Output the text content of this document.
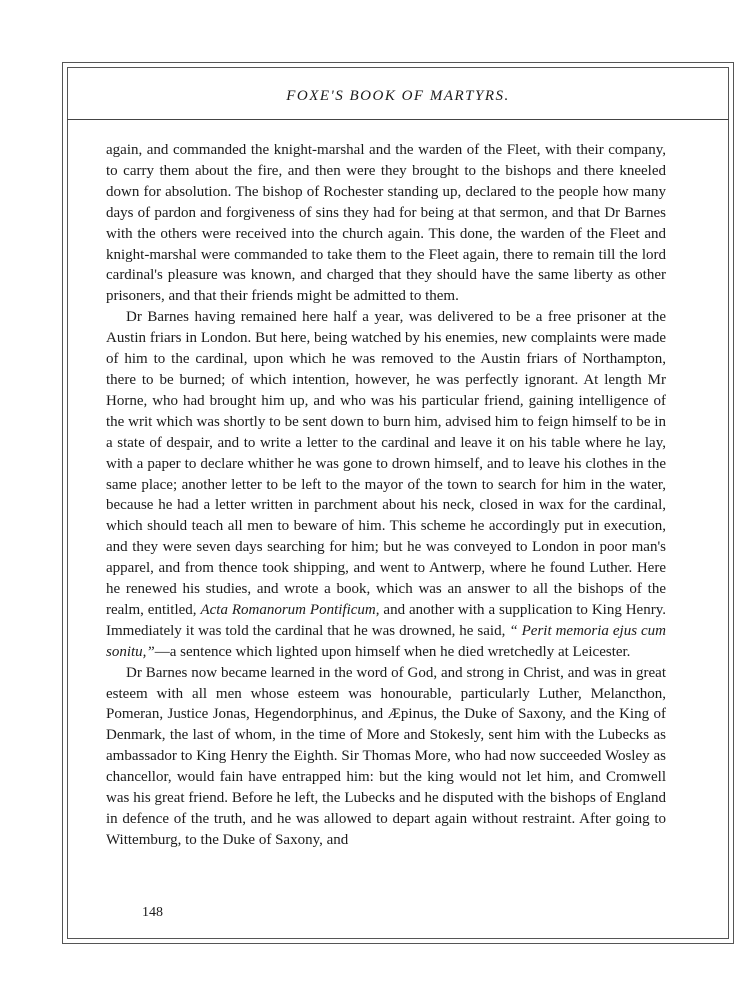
FOXE'S BOOK OF MARTYRS.

again, and commanded the knight-marshal and the warden of the Fleet, with their company, to carry them about the fire, and then were they brought to the bishops and there kneeled down for absolution. The bishop of Rochester standing up, declared to the people how many days of pardon and forgiveness of sins they had for being at that sermon, and that Dr Barnes with the others were received into the church again. This done, the warden of the Fleet and knight-marshal were commanded to take them to the Fleet again, there to remain till the lord cardinal's pleasure was known, and charged that they should have the same liberty as other prisoners, and that their friends might be admitted to them.

Dr Barnes having remained here half a year, was delivered to be a free prisoner at the Austin friars in London. But here, being watched by his enemies, new complaints were made of him to the cardinal, upon which he was removed to the Austin friars of Northampton, there to be burned; of which intention, however, he was perfectly ignorant. At length Mr Horne, who had brought him up, and who was his particular friend, gaining intelligence of the writ which was shortly to be sent down to burn him, advised him to feign himself to be in a state of despair, and to write a letter to the cardinal and leave it on his table where he lay, with a paper to declare whither he was gone to drown himself, and to leave his clothes in the same place; another letter to be left to the mayor of the town to search for him in the water, because he had a letter written in parchment about his neck, closed in wax for the cardinal, which should teach all men to beware of him. This scheme he accordingly put in execution, and they were seven days searching for him; but he was conveyed to London in poor man's apparel, and from thence took shipping, and went to Antwerp, where he found Luther. Here he renewed his studies, and wrote a book, which was an answer to all the bishops of the realm, entitled, Acta Romanorum Pontificum, and another with a supplication to King Henry. Immediately it was told the cardinal that he was drowned, he said, “ Perit memoria ejus cum sonitu,”—a sentence which lighted upon himself when he died wretchedly at Leicester.

Dr Barnes now became learned in the word of God, and strong in Christ, and was in great esteem with all men whose esteem was honourable, particularly Luther, Melancthon, Pomeran, Justice Jonas, Hegendorphinus, and Æpinus, the Duke of Saxony, and the King of Denmark, the last of whom, in the time of More and Stokesly, sent him with the Lubecks as ambassador to King Henry the Eighth. Sir Thomas More, who had now succeeded Wosley as chancellor, would fain have entrapped him: but the king would not let him, and Cromwell was his great friend. Before he left, the Lubecks and he disputed with the bishops of England in defence of the truth, and he was allowed to depart again without restraint. After going to Wittemburg, to the Duke of Saxony, and

148
